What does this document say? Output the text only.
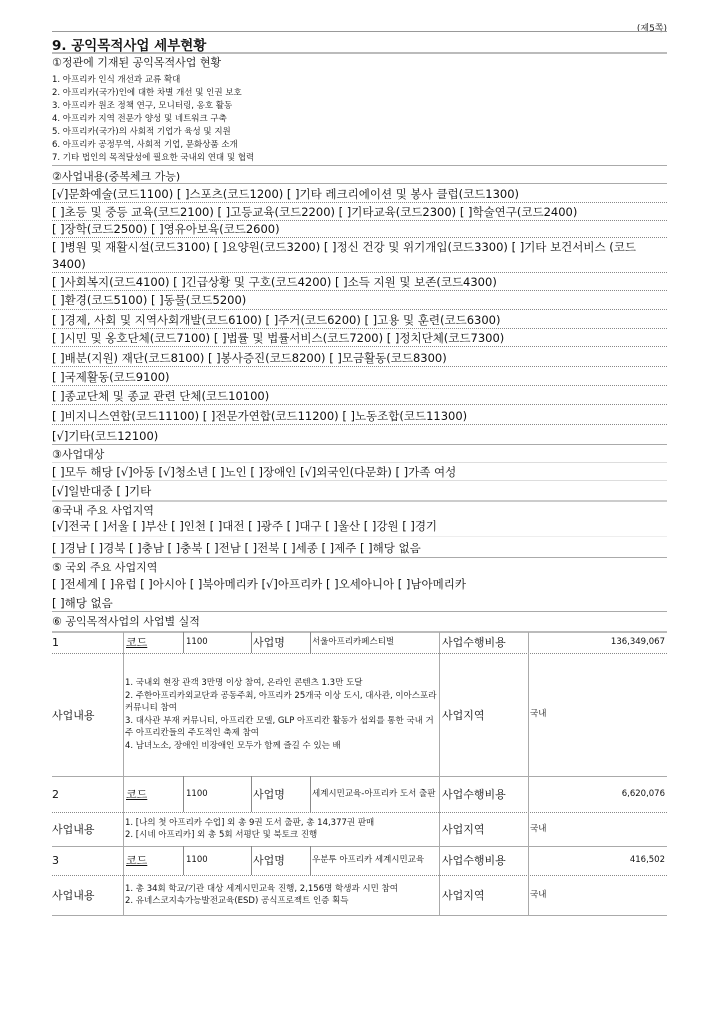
(제5쪽)
9. 공익목적사업 세부현황
①정관에 기재된 공익목적사업 현황
1. 아프리카 인식 개선과 교류 확대
2. 아프리카(국가)인에 대한 차별 개선 및 인권 보호
3. 아프리카 원조 정책 연구, 모니터링, 옹호 활동
4. 아프리카 지역 전문가 양성 및 네트워크 구축
5. 아프리카(국가)의 사회적 기업가 육성 및 지원
6. 아프리카 공정무역, 사회적 기업, 문화상품 소개
7. 기타 법인의 목적달성에 필요한 국내외 연대 및 협력
②사업내용(중복체크 가능)
[√]문화예술(코드1100) [ ]스포츠(코드1200) [ ]기타 레크리에이션 및 봉사 클럽(코드1300)
[ ]초등 및 중등 교육(코드2100) [ ]고등교육(코드2200) [ ]기타교육(코드2300) [ ]학술연구(코드2400)
[ ]장학(코드2500) [ ]영유아보육(코드2600)
[ ]병원 및 재활시설(코드3100) [ ]요양원(코드3200) [ ]정신 건강 및 위기개입(코드3300) [ ]기타 보건서비스 (코드3400)
[ ]사회복지(코드4100) [ ]긴급상황 및 구호(코드4200) [ ]소득 지원 및 보존(코드4300)
[ ]환경(코드5100) [ ]동물(코드5200)
[ ]경제, 사회 및 지역사회개발(코드6100) [ ]주거(코드6200) [ ]고용 및 훈련(코드6300)
[ ]시민 및 옹호단체(코드7100) [ ]법률 및 법률서비스(코드7200) [ ]정치단체(코드7300)
[ ]배분(지원) 재단(코드8100) [ ]봉사증진(코드8200) [ ]모금활동(코드8300)
[ ]국제활동(코드9100)
[ ]종교단체 및 종교 관련 단체(코드10100)
[ ]비지니스연합(코드11100) [ ]전문가연합(코드11200) [ ]노동조합(코드11300)
[√]기타(코드12100)
③사업대상
[ ]모두 해당 [√]아동 [√]청소년 [ ]노인 [ ]장애인 [√]외국인(다문화) [ ]가족 여성
[√]일반대중 [ ]기타
④국내 주요 사업지역
[√]전국 [ ]서울 [ ]부산 [ ]인천 [ ]대전 [ ]광주 [ ]대구 [ ]울산 [ ]강원 [ ]경기
[ ]경남 [ ]경북 [ ]충남 [ ]충북 [ ]전남 [ ]전북 [ ]세종 [ ]제주 [ ]해당 없음
⑤ 국외 주요 사업지역
[ ]전세계 [ ]유럽 [ ]아시아 [ ]북아메리카 [√]아프리카 [ ]오세아니아 [ ]남아메리카
[ ]해당 없음
⑥ 공익목적사업의 사업별 실적
1	코드	1100	사업명	서울아프리카페스티벌	사업수행비용	136,349,067
사업내용
1. 국내외 현장 관객 3만명 이상 참여, 온라인 콘텐츠 1.3만 도달
2. 주한아프리카외교단과 공동주최, 아프리카 25개국 이상 도시, 대사관, 이아스포라 커뮤니티 참여
3. 대사관 부재 커뮤니티, 아프리칸 모델, GLP 아프리칸 활동가 섭외를 통한 국내 거주 아프리칸들의 주도적인 축제 참여
4. 남녀노소, 장애인 비장애인 모두가 함께 즐길 수 있는 배
사업지역	국내
2	코드	1100	사업명	세계시민교육-아프리카 도서 출판 사업수행비용	6,620,076
사업내용
1. [나의 첫 아프리카 수업] 외 총 9권 도서 출판, 총 14,377권 판매
2. [시네 아프리카] 외 총 5회 서평단 및 북토크 진행	사업지역	국내
3	코드	1100	사업명	우분투 아프리카 세계시민교육	사업수행비용	416,502
사업내용
1. 총 34회 학교/기관 대상 세계시민교육 진행, 2,156명 학생과 시민 참여
2. 유네스코지속가능발전교육(ESD) 공식프로젝트 인증 획득	사업지역	국내
